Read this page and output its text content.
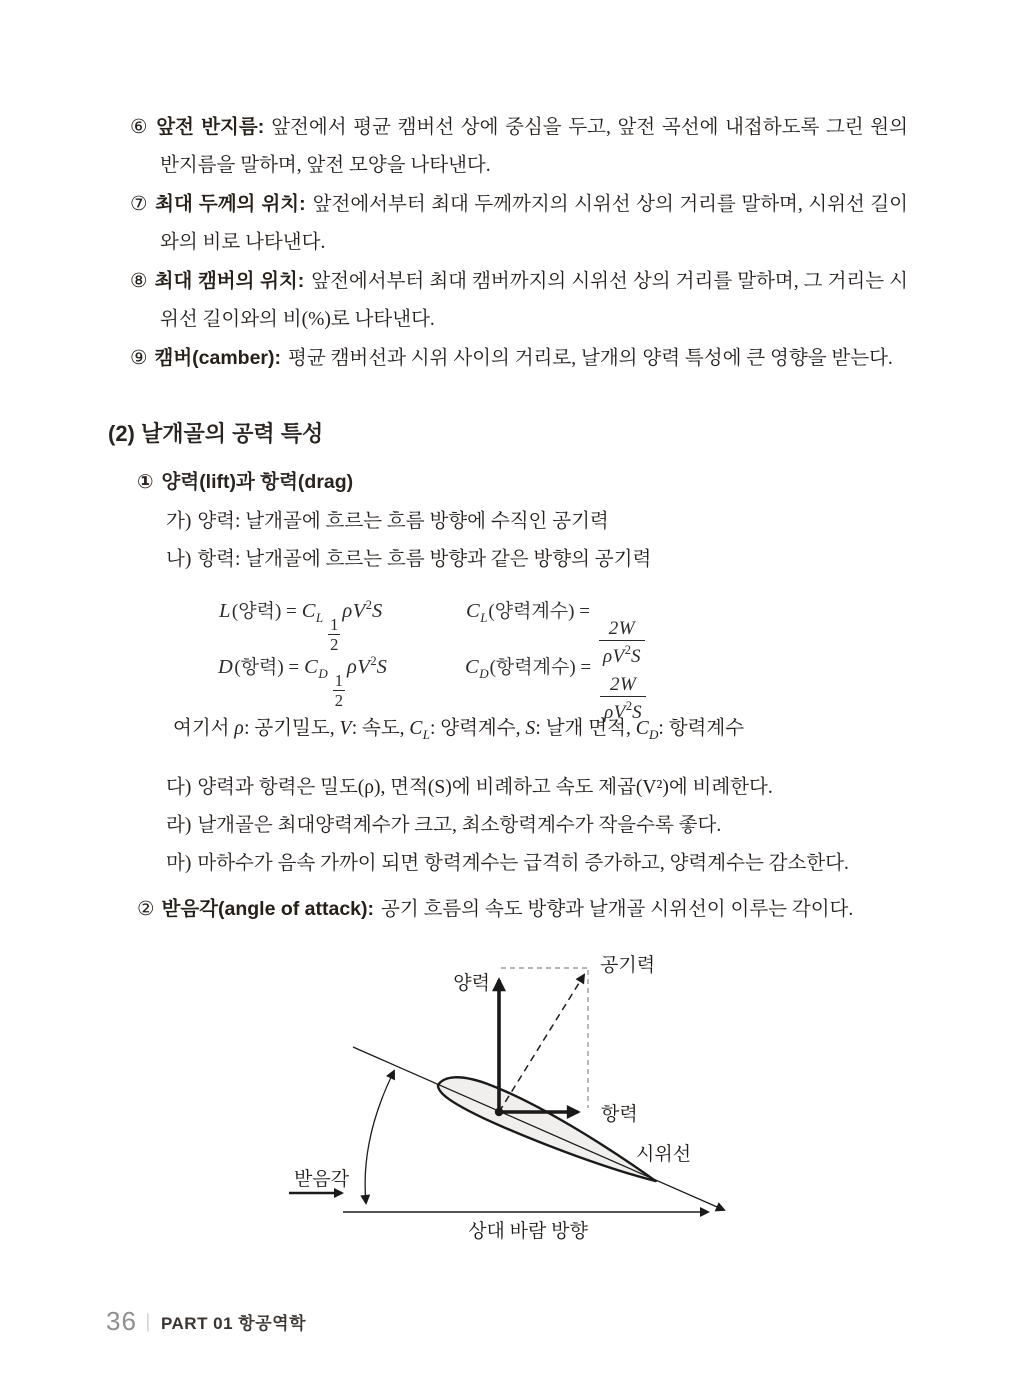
⑥ 앞전 반지름: 앞전에서 평균 캠버선 상에 중심을 두고, 앞전 곡선에 내접하도록 그린 원의 반지름을 말하며, 앞전 모양을 나타낸다.
⑦ 최대 두께의 위치: 앞전에서부터 최대 두께까지의 시위선 상의 거리를 말하며, 시위선 길이와의 비로 나타낸다.
⑧ 최대 캠버의 위치: 앞전에서부터 최대 캠버까지의 시위선 상의 거리를 말하며, 그 거리는 시위선 길이와의 비(%)로 나타낸다.
⑨ 캠버(camber): 평균 캠버선과 시위 사이의 거리로, 날개의 양력 특성에 큰 영향을 받는다.
(2) 날개골의 공력 특성
① 양력(lift)과 항력(drag)
가) 양력: 날개골에 흐르는 흐름 방향에 수직인 공기력
나) 항력: 날개골에 흐르는 흐름 방향과 같은 방향의 공기력
L(양력) = $C_L \frac{1}{2}$
$\rho V^2S$	$C_L$(양력계수) =
$\frac{2W}{\rho V^2S}$
D(항력) = $C_D \frac{1}{2}$
$\rho V^2S$	$C_D$(항력계수) =
$\frac{2W}{\rho V^2S}$
여기서 ρ: 공기밀도, V: 속도, $C_L$: 양력계수, S: 날개 면적, $C_D$: 항력계수
다) 양력과 항력은 밀도(ρ), 면적(S)에 비례하고 속도 제곱(V²)에 비례한다.
라) 날개골은 최대양력계수가 크고, 최소항력계수가 작을수록 좋다.
마) 마하수가 음속 가까이 되면 항력계수는 급격히 증가하고, 양력계수는 감소한다.
② 받음각(angle of attack): 공기 흐름의 속도 방향과 날개골 시위선이 이루는 각이다.
양력
공기력
항력
시위선
받음각
상대 바람 방향
36 | PART 01 항공역학
